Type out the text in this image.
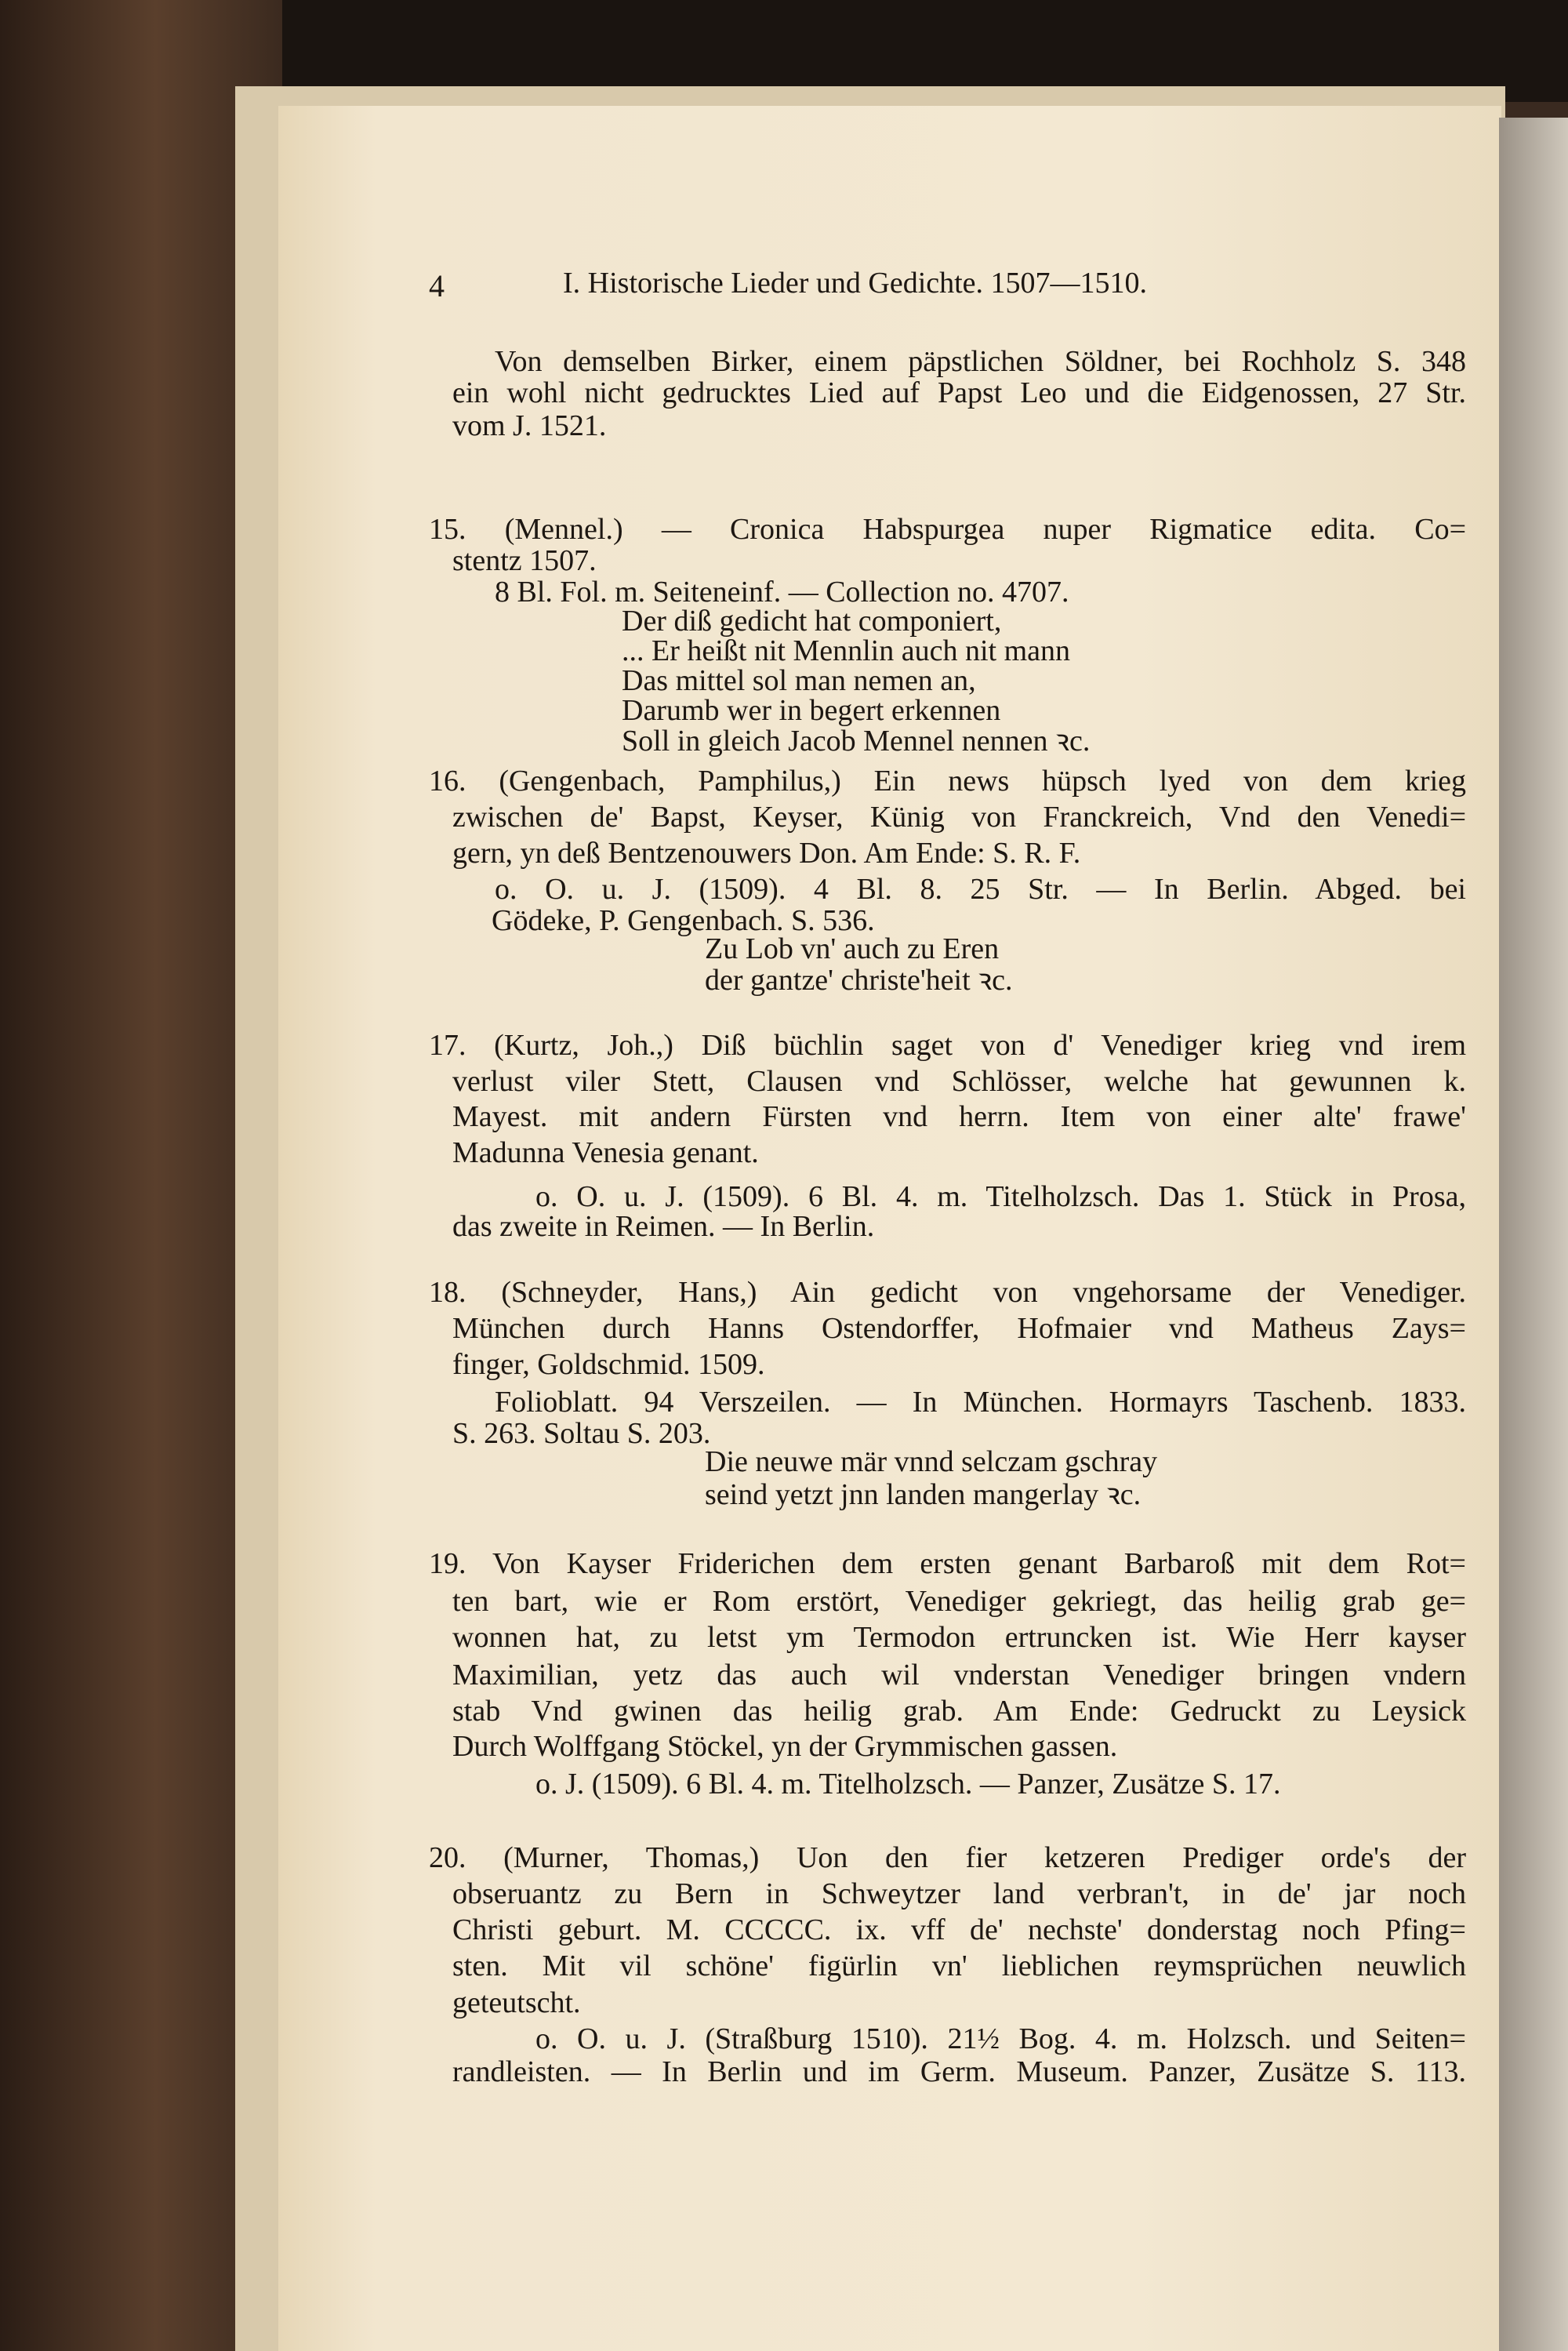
4	I. Historische Lieder und Gedichte. 1507—1510.
Von demselben Birker, einem päpstlichen Söldner, bei Rochholz S. 348
ein wohl nicht gedrucktes Lied auf Papst Leo und die Eidgenossen, 27 Str.
vom J. 1521.
15. (Mennel.) — Cronica Habspurgea nuper Rigmatice edita. Co=
stentz 1507.
8 Bl. Fol. m. Seiteneinf. — Collection no. 4707.
Der diß gedicht hat componiert,
... Er heißt nit Mennlin auch nit mann
Das mittel sol man nemen an,
Darumb wer in begert erkennen
Soll in gleich Jacob Mennel nennen ꝛc.
16. (Gengenbach, Pamphilus,) Ein news hüpsch lyed von dem krieg
zwischen de' Bapst, Keyser, Künig von Franckreich, Vnd den Venedi=
gern, yn deß Bentzenouwers Don. Am Ende: S. R. F.
o. O. u. J. (1509). 4 Bl. 8. 25 Str. — In Berlin. Abged. bei
Gödeke, P. Gengenbach. S. 536.
Zu Lob vn' auch zu Eren
der gantze' christe'heit ꝛc.
17. (Kurtz, Joh.,) Diß büchlin saget von d' Venediger krieg vnd irem
verlust viler Stett, Clausen vnd Schlösser, welche hat gewunnen k.
Mayest. mit andern Fürsten vnd herrn. Item von einer alte' frawe'
Madunna Venesia genant.
o. O. u. J. (1509). 6 Bl. 4. m. Titelholzsch. Das 1. Stück in Prosa,
das zweite in Reimen. — In Berlin.
18. (Schneyder, Hans,) Ain gedicht von vngehorsame der Venediger.
München durch Hanns Ostendorffer, Hofmaier vnd Matheus Zays=
finger, Goldschmid. 1509.
Folioblatt. 94 Verszeilen. — In München. Hormayrs Taschenb. 1833.
S. 263. Soltau S. 203.
Die neuwe mär vnnd selczam gschray
seind yetzt jnn landen mangerlay ꝛc.
19. Von Kayser Friderichen dem ersten genant Barbaroß mit dem Rot=
ten bart, wie er Rom erstört, Venediger gekriegt, das heilig grab ge=
wonnen hat, zu letst ym Termodon ertruncken ist. Wie Herr kayser
Maximilian, yetz das auch wil vnderstan Venediger bringen vndern
stab Vnd gwinen das heilig grab. Am Ende: Gedruckt zu Leysick
Durch Wolffgang Stöckel, yn der Grymmischen gassen.
o. J. (1509). 6 Bl. 4. m. Titelholzsch. — Panzer, Zusätze S. 17.
20. (Murner, Thomas,) Uon den fier ketzeren Prediger orde's der
obseruantz zu Bern in Schweytzer land verbran't, in de' jar noch
Christi geburt. M. CCCCC. ix. vff de' nechste' donderstag noch Pfing=
sten. Mit vil schöne' figürlin vn' lieblichen reymsprüchen neuwlich
geteutscht.
o. O. u. J. (Straßburg 1510). 21½ Bog. 4. m. Holzsch. und Seiten=
randleisten. — In Berlin und im Germ. Museum. Panzer, Zusätze S. 113.
